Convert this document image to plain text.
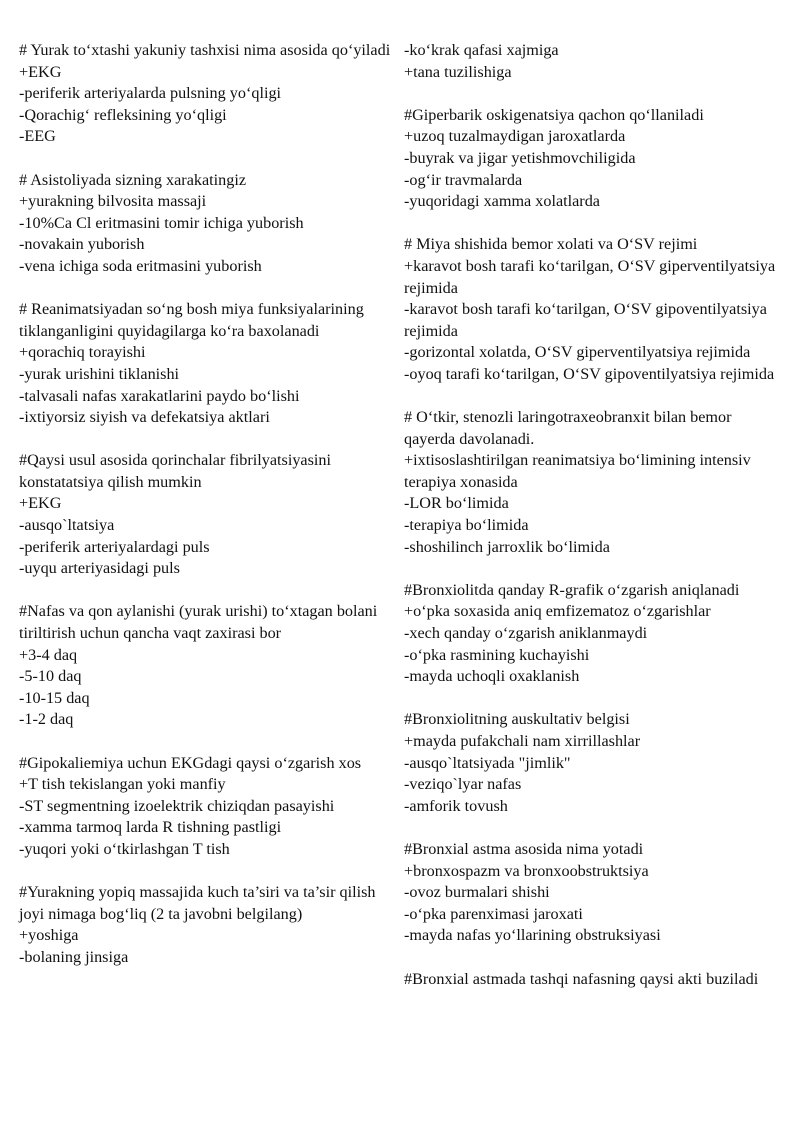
# Yurak to‘xtashi yakuniy tashxisi nima asosida qo‘yiladi
+EKG
-periferik arteriyalarda pulsning yo‘qligi
-Qorachig‘ refleksining yo‘qligi
-EEG
# Asistoliyada sizning xarakatingiz
+yurakning bilvosita massaji
-10%Ca Cl eritmasini tomir ichiga yuborish
-novakain yuborish
-vena ichiga soda eritmasini yuborish
# Reanimatsiyadan so‘ng bosh miya funksiyalarining tiklanganligini quyidagilarga ko‘ra baxolanadi
+qorachiq torayishi
-yurak urishini tiklanishi
-talvasali nafas xarakatlarini paydo bo‘lishi
-ixtiyorsiz siyish va defekatsiya aktlari
#Qaysi usul asosida qorinchalar fibrilyatsiyasini konstatatsiya qilish mumkin
+EKG
-ausqo`ltatsiya
-periferik arteriyalardagi puls
-uyqu arteriyasidagi puls
#Nafas va qon aylanishi (yurak urishi) to‘xtagan bolani tiriltirish uchun qancha vaqt zaxirasi bor
+3-4 daq
-5-10 daq
-10-15 daq
-1-2 daq
#Gipokaliemiya uchun EKGdagi qaysi o‘zgarish xos
+T tish tekislangan yoki manfiy
-ST segmentning izoelektrik chiziqdan pasayishi
-xamma tarmoq larda R tishning pastligi
-yuqori yoki o‘tkirlashgan T tish
#Yurakning yopiq massajida kuch ta’siri va ta’sir qilish joyi nimaga bog‘liq (2 ta javobni belgilang)
+yoshiga
-bolaning jinsiga
-ko‘krak qafasi xajmiga
+tana tuzilishiga
#Giperbarik oskigenatsiya qachon qo‘llaniladi
+uzoq tuzalmaydigan jaroxatlarda
-buyrak va jigar yetishmovchiligida
-og‘ir travmalarda
-yuqoridagi xamma xolatlarda
# Miya shishida bemor xolati va O‘SV rejimi
+karavot bosh tarafi ko‘tarilgan, O‘SV giperventilyatsiya rejimida
-karavot bosh tarafi ko‘tarilgan, O‘SV gipoventilyatsiya rejimida
-gorizontal xolatda, O‘SV giperventilyatsiya rejimida
-oyoq tarafi ko‘tarilgan, O‘SV gipoventilyatsiya rejimida
# O‘tkir, stenozli laringotraxeobranxit bilan bemor qayerda davolanadi.
+ixtisoslashtirilgan reanimatsiya bo‘limining intensiv terapiya xonasida
-LOR bo‘limida
-terapiya bo‘limida
-shoshilinch jarroxlik bo‘limida
#Bronxiolitda qanday R-grafik o‘zgarish aniqlanadi
+o‘pka soxasida aniq emfizematoz o‘zgarishlar
-xech qanday o‘zgarish aniklanmaydi
-o‘pka rasmining kuchayishi
-mayda uchoqli oxaklanish
#Bronxiolitning auskultativ belgisi
+mayda pufakchali nam xirrillashlar
-ausqo`ltatsiyada "jimlik"
-veziqo`lyar nafas
-amforik tovush
#Bronxial astma asosida nima yotadi
+bronxospazm va bronxoobstruktsiya
-ovoz burmalari shishi
-o‘pka parenximasi jaroxati
-mayda nafas yo‘llarining obstruksiyasi
#Bronxial astmada tashqi nafasning qaysi akti buziladi
